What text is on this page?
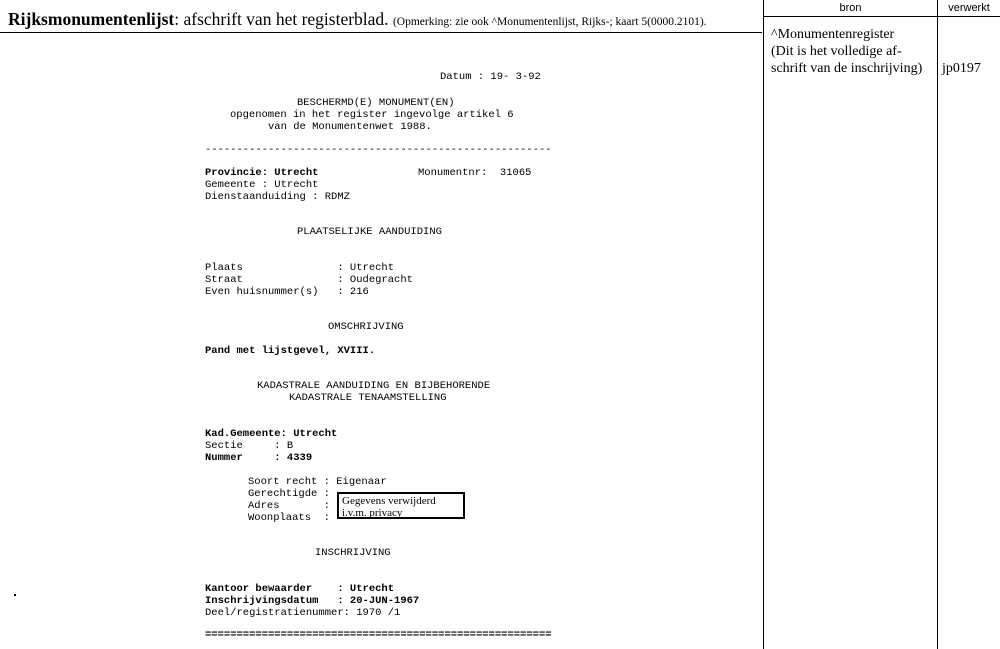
Rijksmonumentenlijst: afschrift van het registerblad. (Opmerking: zie ook ^Monumentenlijst, Rijks-; kaart 5(0000.2101).
bron	verwerkt
^Monumentenregister
(Dit is het volledige af-
schrift van de inschrijving) jp0197
Datum : 19- 3-92
BESCHERMD(E) MONUMENT(EN)
opgenomen in het register ingevolge artikel 6
van de Monumentenwet 1988.
-------------------------------------------------------
Provincie: Utrecht	Monumentnr:  31065
Gemeente : Utrecht
Dienstaanduiding : RDMZ
PLAATSELIJKE AANDUIDING
Plaats               : Utrecht
Straat               : Oudegracht
Even huisnummer(s)   : 216
OMSCHRIJVING
Pand met lijstgevel, XVIII.
KADASTRALE AANDUIDING EN BIJBEHORENDE
KADASTRALE TENAAMSTELLING
Kad.Gemeente: Utrecht
Sectie     : B
Nummer     : 4339
Soort recht : Eigenaar
Gerechtigde :
Adres       :
Woonplaats  :
Gegevens verwijderd i.v.m. privacy
INSCHRIJVING
Kantoor bewaarder    : Utrecht
Inschrijvingsdatum   : 20-JUN-1967
Deel/registratienummer: 1970 /1
=======================================================
